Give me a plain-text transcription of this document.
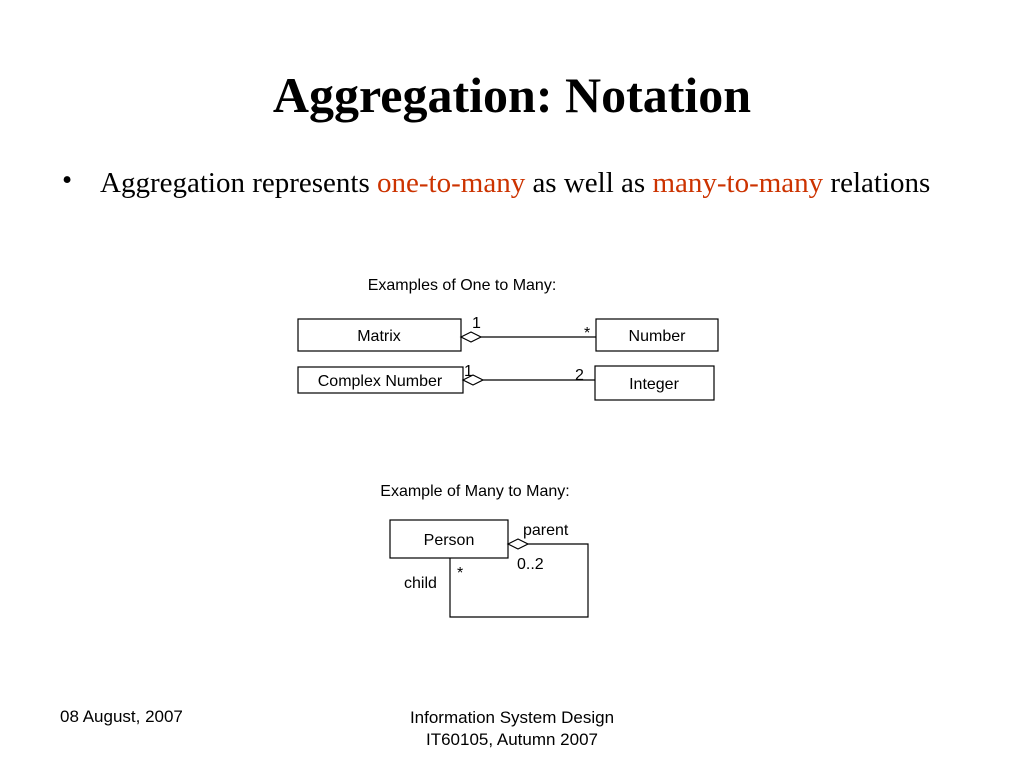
Aggregation: Notation
• Aggregation represents one-to-many as well as many-to-many relations
Examples of One to Many:
Matrix
1
* Number
Complex Number
1	2
Integer
Example of Many to Many:
Person
parent
0..2
child
*
08 August, 2007	Information System Design
IT60105, Autumn 2007
